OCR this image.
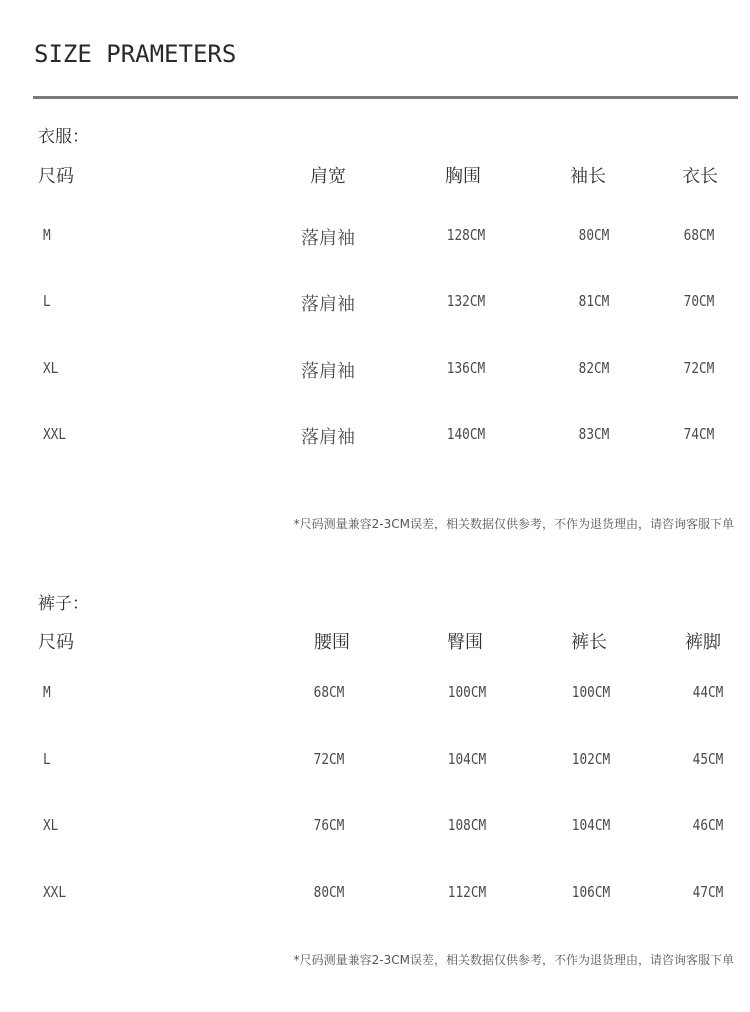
SIZE PRAMETERS
衣服：
尺码	肩宽	胸围	袖长	衣长
M	落肩袖	128CM	80CM	68CM
L	落肩袖	132CM	81CM	70CM
XL	落肩袖	136CM	82CM	72CM
XXL	落肩袖	140CM	83CM	74CM
*尺码测量兼容2-3CM误差，相关数据仅供参考，不作为退货理由，请咨询客服下单
裤子：
尺码	腰围	臀围	裤长	裤脚
M	68CM	100CM	100CM	44CM
L	72CM	104CM	102CM	45CM
XL	76CM	108CM	104CM	46CM
XXL	80CM	112CM	106CM	47CM
*尺码测量兼容2-3CM误差，相关数据仅供参考，不作为退货理由，请咨询客服下单
